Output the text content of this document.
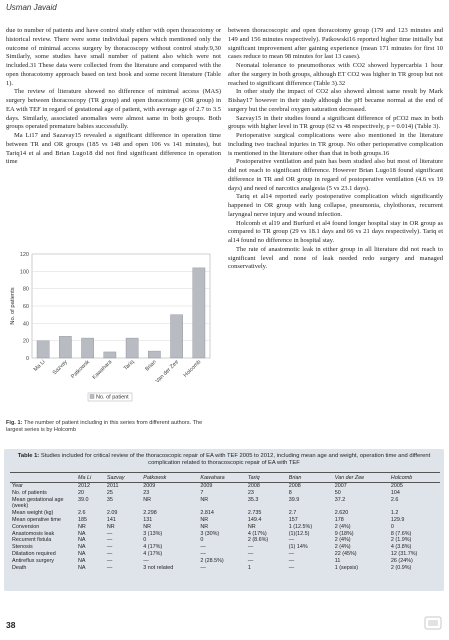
Usman Javaid

due to number of patients and have control study either with open thoracotomy or historical review. There were some individual papers which mentioned only the outcome of minimal access surgery by thoracoscopy without control study.9,30 Similarly, some studies have small number of patient also which were not included.31 These data were collected from the literature and compared with the open thoracotomy approach based on text book and some recent literature (Table 1).

The review of literature showed no difference of minimal access (MAS) surgery between thoracoscopy (TR group) and open thoracotomy (OR group) in EA with TEF in regard of gestational age of patient, with average age of 2.7 to 3.5 days. Similarly, associated anomalies were almost same in both groups. Both groups operated premature babies successfully.

Ma Li17 and Sazavay15 revealed a significant difference in operation time between TR and OR groups (185 vs 148 and open 106 vs 141 minutes), but Tariq14 et al and Brian Lugo18 did not find significant difference in operation time

between thoracoscopic and open thoracotomy group (179 and 123 minutes and 149 and 156 minutes respectively). Patkowski16 reported higher time initially but significant improvement after gaining experience (mean 171 minutes for first 10 cases reduce to mean 98 minutes for last 13 cases).

Neonatal tolerance to pneumothorax with CO2 showed hypercarbia 1 hour after the surgery in both groups, although ET CO2 was higher in TR group but not reached to significant difference (Table 3).32

In other study the impact of CO2 also showed almost same result by Mark Bishay17 however in their study although the pH became normal at the end of surgery but the cerebral oxygen saturation decreased.

Sazvay15 in their studies found a significant difference of pCO2 max in both groups with higher level in TR group (62 vs 48 respectively, p = 0.014) (Table 3).

Perioperative surgical complications were also mentioned in the literature including two tracheal injuries in TR group. No other perioperative complication is mentioned in the literature other than that in both groups.16

Postoperative ventilation and pain has been studied also but most of literature did not reach to significant difference. However Brian Lugo18 found significant difference in TR and OR group in regard of postoperative ventilation (4.6 vs 19 days) and need of narcotics analgesia (5 vs 23.1 days).

Tariq et al14 reported early postoperative complication which significantly happened in OR group with lung collapse, pneumonia, chylothorax, recurrent laryngeal nerve injury and wound infection.

Holcomb et al19 and Burfurd et al4 found longer hospital stay in OR group as compared to TR group (29 vs 18.1 days and 66 vs 21 days respectively). Tariq et al14 found no difference in hospital stay.

The rate of anastomotic leak in either group in all literature did not reach to significant level and none of leak needed redo surgery and managed conservatively.

0
20
40
60
80
100
120
No. of patients
Ma Li Sazvay Patkowsk Kawahara Tariq Brian
Van der Zee Holcomb
No. of patient
Fig. 1: The number of patient including in this series from different authors. The largest series is by Holcomb
Table 1: Studies included for critical review of the thoracoscopic repair of EA with TEF 2005 to 2012, including mean age and weight, operation time and different complication related to thoracoscopic repair of EA with TEF
	Ma Li	Sazvay	Patkowsk	Kawahara	Tariq	Brian	Van der Zee	Holcomb
Year	2012	2011	2009	2009	2008	2008	2007	2005
No. of patients	20	25	23	7	23	8	50	104
Mean gestational age (week)	39.0	35	NR	NR	35.3	39.9	37.2	2.6
Mean weight (kg)	2.6	2.09	2.298	2.814	2.735	2.7	2.620	1.2
Mean operative time	185	141	131	NR	149.4	157	178	129.9
Conversion	NR	NR	NR	NR	NR	1 (12.5%)	2 (4%)	0
Anastomosis leak	NA	—	3 (13%)	3 (30%)	4 (17%)	(1)(12.5)	9 (18%)	8 (7.6%)
Recurrent fistula	NA	—	0	0	2 (8.6%)	—	2 (4%)	2 (1.9%)
Stenosis	NA	—	4 (17%)	—	—	(1) 14%	2 (4%)	4 (3.8%)
Dilatation required	NA	—	4 (17%)	—	—	—	22 (45%)	12 (31.7%)
Antireflux surgery	NA	—	—	2 (28.5%)	—	—	11	26 (24%)
Death	NA	—	3 not related	—	1	—	1 (sepsis)	2 (0.9%)
38
